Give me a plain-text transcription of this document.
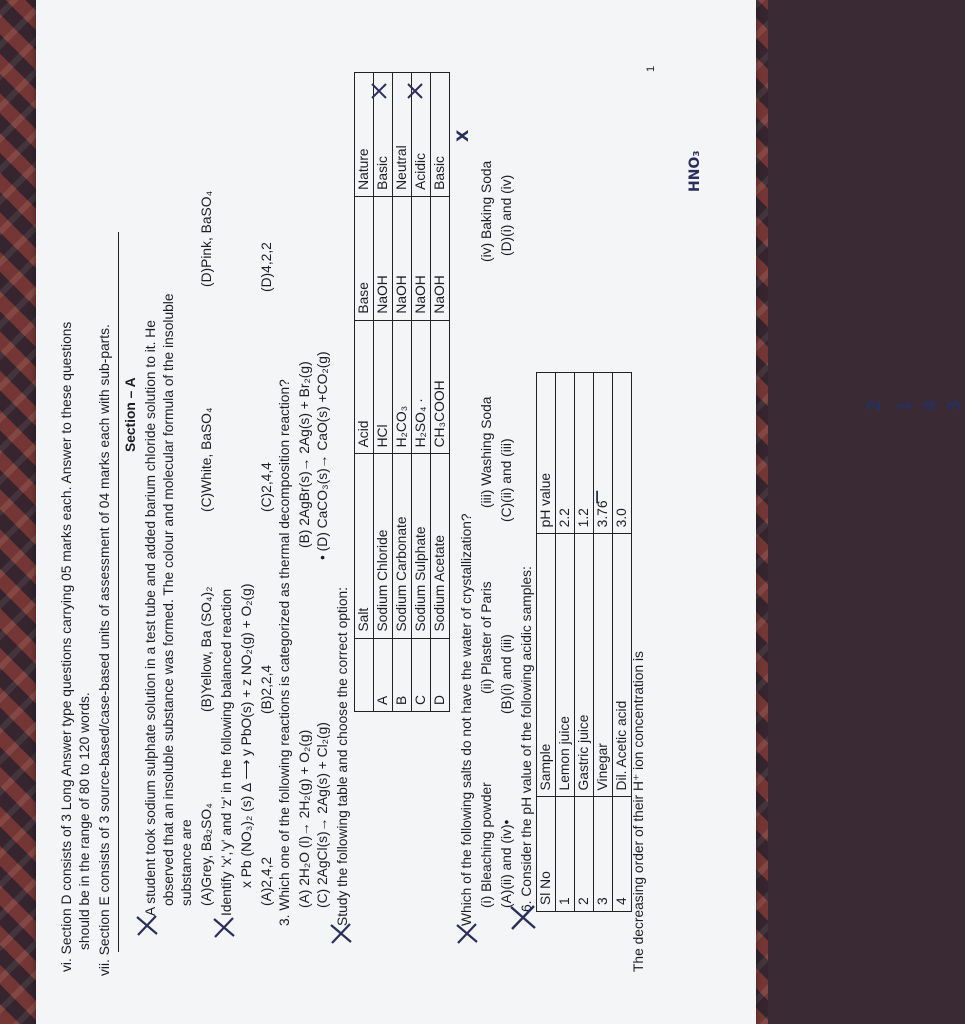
vi. Section D consists of 3 Long Answer type questions carrying 05 marks each. Answer to these questions should be in the range of 80 to 120 words. vii. Section E consists of 3 source-based/case-based units of assessment of 04 marks each with sub-parts. Section – A A student took sodium sulphate solution in a test tube and added barium chloride solution to it. He observed that an insoluble substance was formed. The colour and molecular formula of the insoluble substance are (A)Grey, Ba₂SO₄
(B)Yellow, Ba (SO₄)₂
(C)White, BaSO₄
(D)Pink, BaSO₄
Identify 'x','y' and 'z' in the following balanced reaction x Pb (NO₃)₂ (s) Δ ⟶ y PbO(s) + z NO₂(g) + O₂(g) (A)2,4,2
(B)2,2,4
(C)2,4,4
(D)4,2,2
3. Which one of the following reactions is categorized as thermal decomposition reaction? (A) 2H₂O (l)→ 2H₂(g) + O₂(g)
(B) 2AgBr(s)→ 2Ag(s) + Br₂(g)
(C) 2AgCl(s)→ 2Ag(s) + Cl₂(g)
• (D) CaCO₃(s)→ CaO(s) +CO₂(g)
Study the following table and choose the correct option:
	Salt	Acid	Base	Nature
A	Sodium Chloride	HCl	NaOH	Basic
B	Sodium Carbonate	H₂CO₃	NaOH	Neutral
C	Sodium Sulphate	H₂SO₄ ·	NaOH	Acidic
D	Sodium Acetate	CH₃COOH	NaOH	Basic
Which of the following salts do not have the water of crystallization? (i) Bleaching powder
(ii) Plaster of Paris
(iii) Washing Soda
(iv) Baking Soda
(A)(ii) and (iv)•
(B)(i) and (iii)
(C)(ii) and (iii)
(D)(i) and (iv)
6. Consider the pH value of the following acidic samples: Sl No	Sample	pH value
1	Lemon juice	2.2
2	Gastric juice	1.2
3	Vinegar	3.76
4	Dil. Acetic acid	3.0
The decreasing order of their H⁺ ion concentration is
1
2 1 4 3
—
HNO₃
X
